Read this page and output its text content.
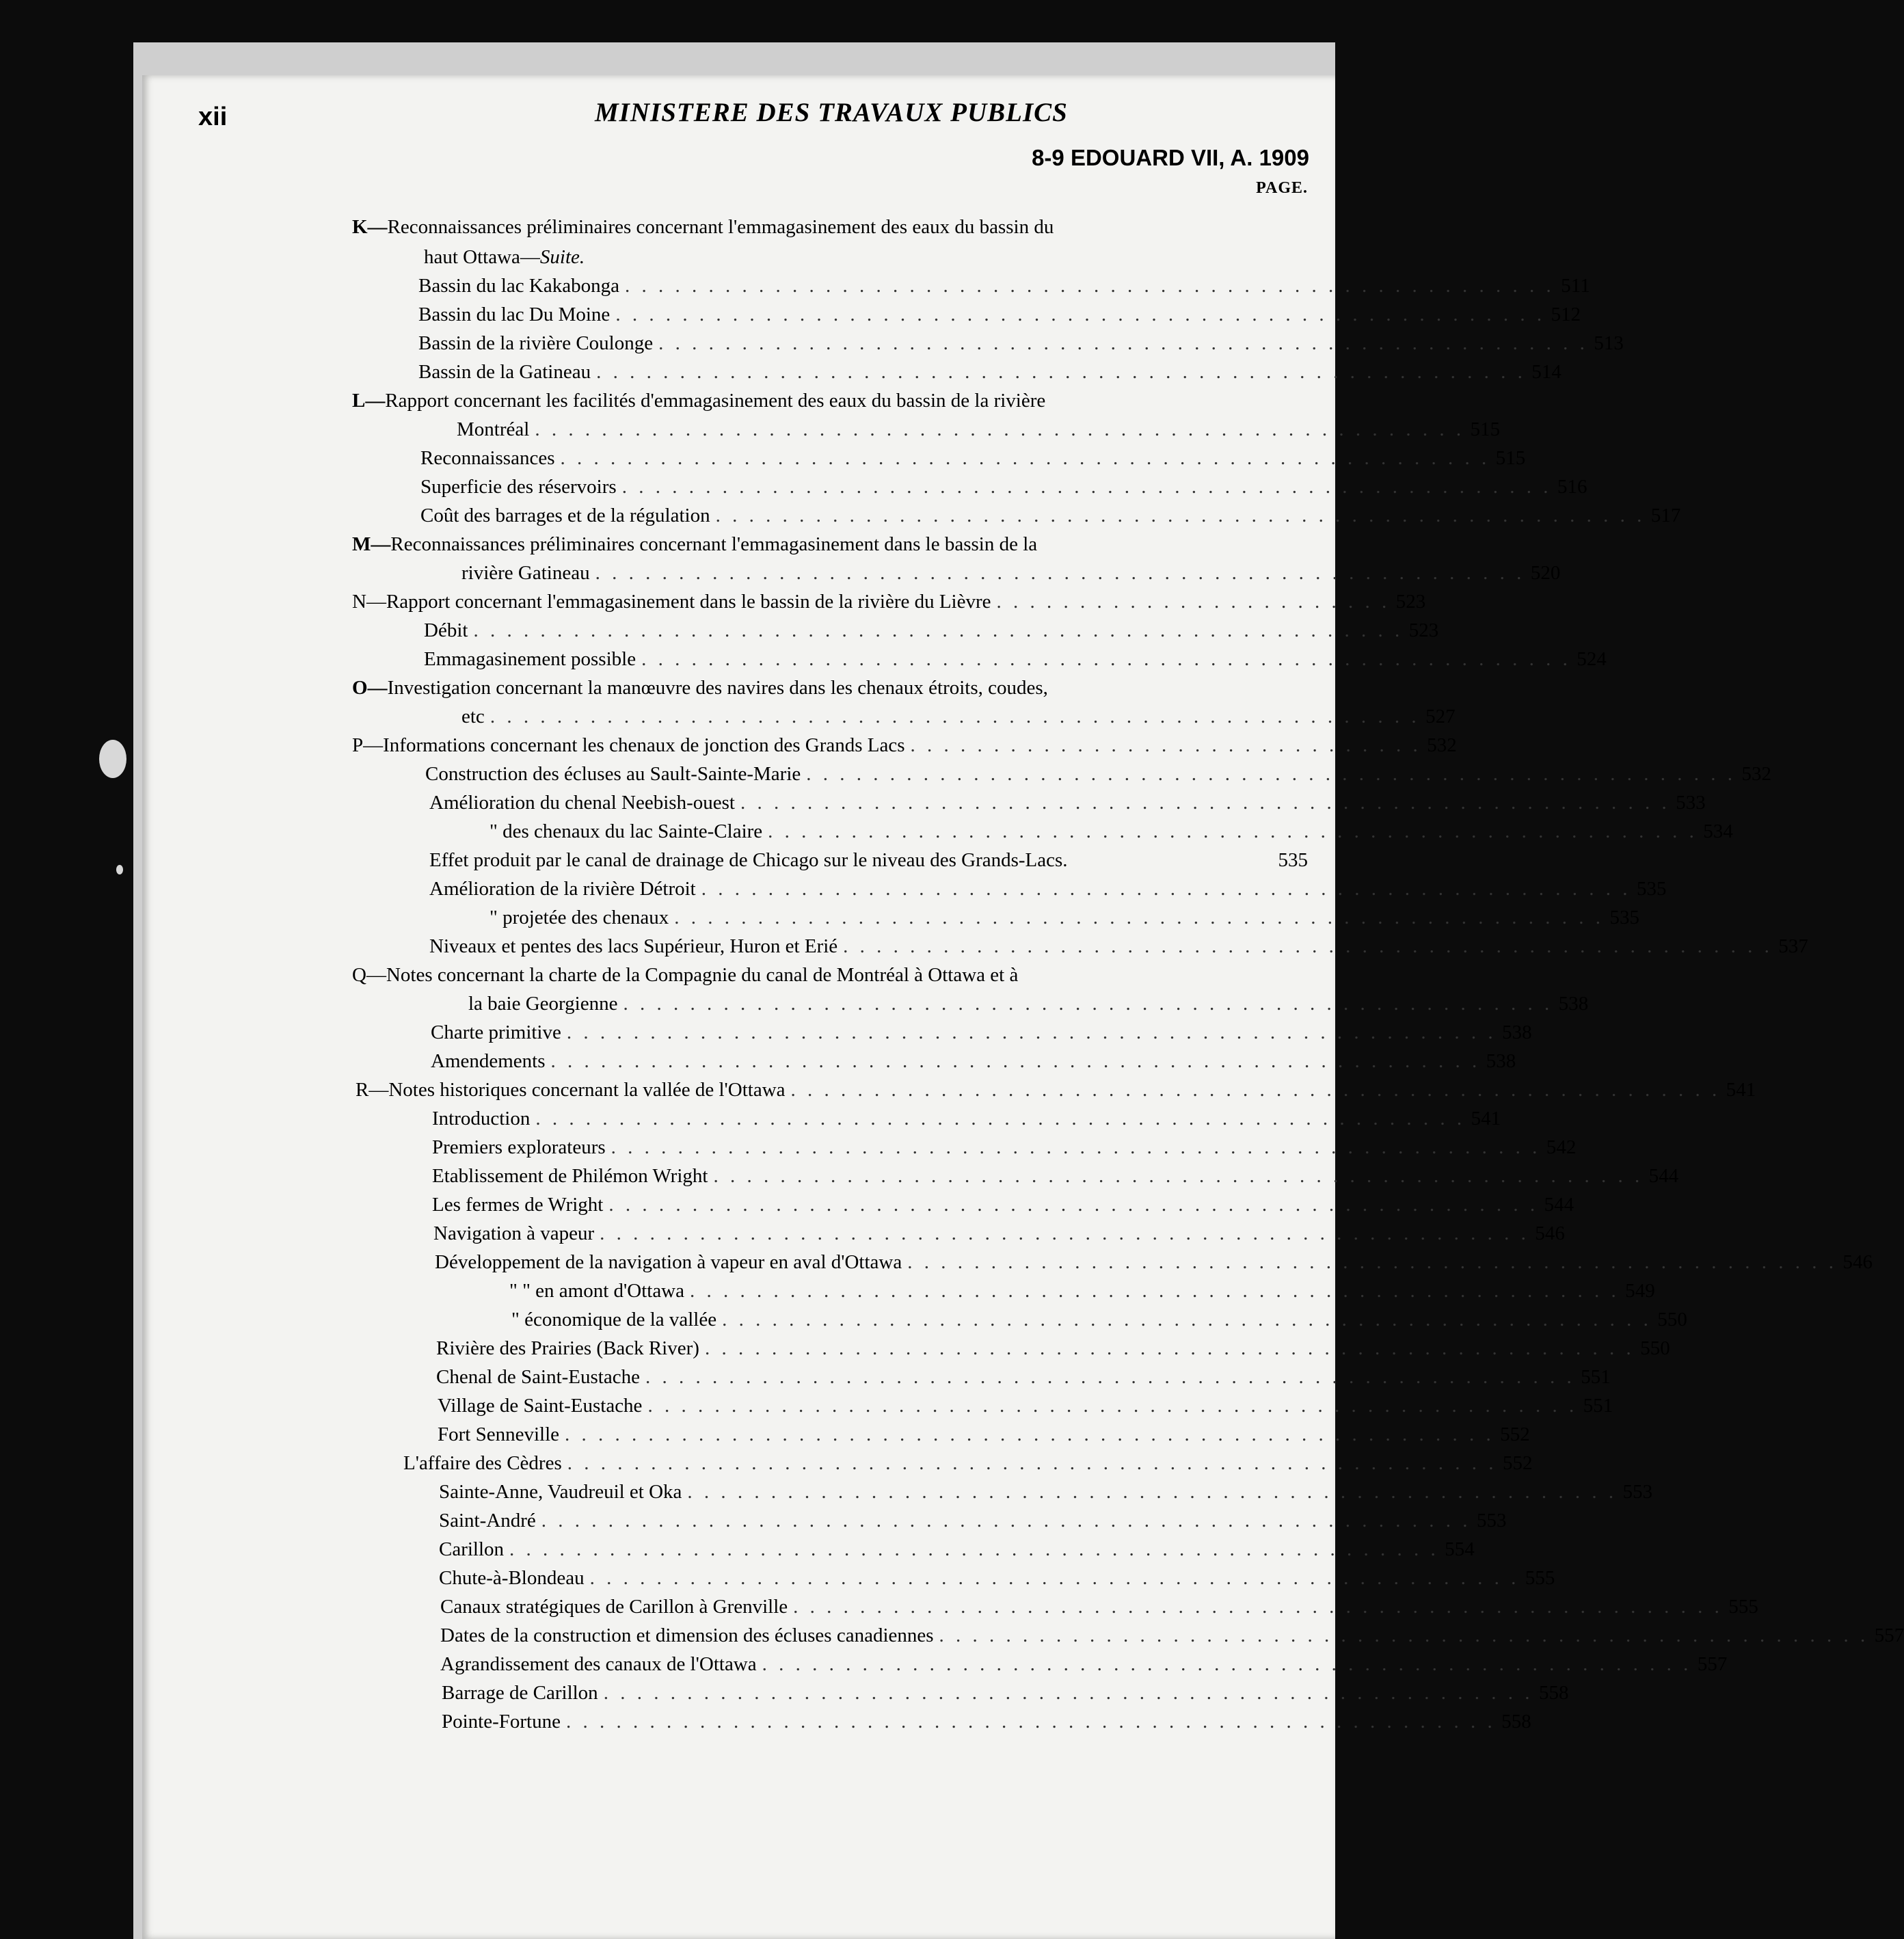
xii	MINISTERE DES TRAVAUX PUBLICS
8-9 EDOUARD VII, A. 1909
PAGE.
K—Reconnaissances préliminaires concernant l'emmagasinement des eaux du bassin du
haut Ottawa—Suite.
Bassin du lac Kakabonga . . . . . . . . . . . . . . . . . . . . . . . . . . . . . . . . . . . . . . . . . . . . . . . . . . . . . . . . 511
Bassin du lac Du Moine . . . . . . . . . . . . . . . . . . . . . . . . . . . . . . . . . . . . . . . . . . . . . . . . . . . . . . . . 512
Bassin de la rivière Coulonge . . . . . . . . . . . . . . . . . . . . . . . . . . . . . . . . . . . . . . . . . . . . . . . . . . . . . . . . 513
Bassin de la Gatineau . . . . . . . . . . . . . . . . . . . . . . . . . . . . . . . . . . . . . . . . . . . . . . . . . . . . . . . . 514
L—Rapport concernant les facilités d'emmagasinement des eaux du bassin de la rivière
Montréal . . . . . . . . . . . . . . . . . . . . . . . . . . . . . . . . . . . . . . . . . . . . . . . . . . . . . . . . 515
Reconnaissances . . . . . . . . . . . . . . . . . . . . . . . . . . . . . . . . . . . . . . . . . . . . . . . . . . . . . . . . 515
Superficie des réservoirs . . . . . . . . . . . . . . . . . . . . . . . . . . . . . . . . . . . . . . . . . . . . . . . . . . . . . . . . 516
Coût des barrages et de la régulation . . . . . . . . . . . . . . . . . . . . . . . . . . . . . . . . . . . . . . . . . . . . . . . . . . . . . . . . 517
M—Reconnaissances préliminaires concernant l'emmagasinement dans le bassin de la
rivière Gatineau . . . . . . . . . . . . . . . . . . . . . . . . . . . . . . . . . . . . . . . . . . . . . . . . . . . . . . . . 520
N—Rapport concernant l'emmagasinement dans le bassin de la rivière du Lièvre . . . . . . . . . . . . . . . . . . . . . . . . 523
Débit . . . . . . . . . . . . . . . . . . . . . . . . . . . . . . . . . . . . . . . . . . . . . . . . . . . . . . . . 523
Emmagasinement possible . . . . . . . . . . . . . . . . . . . . . . . . . . . . . . . . . . . . . . . . . . . . . . . . . . . . . . . . 524
O—Investigation concernant la manœuvre des navires dans les chenaux étroits, coudes,
etc . . . . . . . . . . . . . . . . . . . . . . . . . . . . . . . . . . . . . . . . . . . . . . . . . . . . . . . . 527
P—Informations concernant les chenaux de jonction des Grands Lacs . . . . . . . . . . . . . . . . . . . . . . . . . . . . . . . 532
Construction des écluses au Sault-Sainte-Marie . . . . . . . . . . . . . . . . . . . . . . . . . . . . . . . . . . . . . . . . . . . . . . . . . . . . . . . . 532
Amélioration du chenal Neebish-ouest . . . . . . . . . . . . . . . . . . . . . . . . . . . . . . . . . . . . . . . . . . . . . . . . . . . . . . . . 533
" des chenaux du lac Sainte-Claire . . . . . . . . . . . . . . . . . . . . . . . . . . . . . . . . . . . . . . . . . . . . . . . . . . . . . . . . 534
Effet produit par le canal de drainage de Chicago sur le niveau des Grands-Lacs.	535
Amélioration de la rivière Détroit . . . . . . . . . . . . . . . . . . . . . . . . . . . . . . . . . . . . . . . . . . . . . . . . . . . . . . . . 535
" projetée des chenaux . . . . . . . . . . . . . . . . . . . . . . . . . . . . . . . . . . . . . . . . . . . . . . . . . . . . . . . . 535
Niveaux et pentes des lacs Supérieur, Huron et Erié . . . . . . . . . . . . . . . . . . . . . . . . . . . . . . . . . . . . . . . . . . . . . . . . . . . . . . . . 537
Q—Notes concernant la charte de la Compagnie du canal de Montréal à Ottawa et à
la baie Georgienne . . . . . . . . . . . . . . . . . . . . . . . . . . . . . . . . . . . . . . . . . . . . . . . . . . . . . . . . 538
Charte primitive . . . . . . . . . . . . . . . . . . . . . . . . . . . . . . . . . . . . . . . . . . . . . . . . . . . . . . . . 538
Amendements . . . . . . . . . . . . . . . . . . . . . . . . . . . . . . . . . . . . . . . . . . . . . . . . . . . . . . . . 538
R—Notes historiques concernant la vallée de l'Ottawa . . . . . . . . . . . . . . . . . . . . . . . . . . . . . . . . . . . . . . . . . . . . . . . . . . . . . . . . 541
Introduction . . . . . . . . . . . . . . . . . . . . . . . . . . . . . . . . . . . . . . . . . . . . . . . . . . . . . . . . 541
Premiers explorateurs . . . . . . . . . . . . . . . . . . . . . . . . . . . . . . . . . . . . . . . . . . . . . . . . . . . . . . . . 542
Etablissement de Philémon Wright . . . . . . . . . . . . . . . . . . . . . . . . . . . . . . . . . . . . . . . . . . . . . . . . . . . . . . . . 544
Les fermes de Wright . . . . . . . . . . . . . . . . . . . . . . . . . . . . . . . . . . . . . . . . . . . . . . . . . . . . . . . . 544
Navigation à vapeur . . . . . . . . . . . . . . . . . . . . . . . . . . . . . . . . . . . . . . . . . . . . . . . . . . . . . . . . 546
Développement de la navigation à vapeur en aval d'Ottawa . . . . . . . . . . . . . . . . . . . . . . . . . . . . . . . . . . . . . . . . . . . . . . . . . . . . . . . . 546
" " en amont d'Ottawa . . . . . . . . . . . . . . . . . . . . . . . . . . . . . . . . . . . . . . . . . . . . . . . . . . . . . . . . 549
" économique de la vallée . . . . . . . . . . . . . . . . . . . . . . . . . . . . . . . . . . . . . . . . . . . . . . . . . . . . . . . . 550
Rivière des Prairies (Back River) . . . . . . . . . . . . . . . . . . . . . . . . . . . . . . . . . . . . . . . . . . . . . . . . . . . . . . . . 550
Chenal de Saint-Eustache . . . . . . . . . . . . . . . . . . . . . . . . . . . . . . . . . . . . . . . . . . . . . . . . . . . . . . . . 551
Village de Saint-Eustache . . . . . . . . . . . . . . . . . . . . . . . . . . . . . . . . . . . . . . . . . . . . . . . . . . . . . . . . 551
Fort Senneville . . . . . . . . . . . . . . . . . . . . . . . . . . . . . . . . . . . . . . . . . . . . . . . . . . . . . . . . 552
L'affaire des Cèdres . . . . . . . . . . . . . . . . . . . . . . . . . . . . . . . . . . . . . . . . . . . . . . . . . . . . . . . . 552
Sainte-Anne, Vaudreuil et Oka . . . . . . . . . . . . . . . . . . . . . . . . . . . . . . . . . . . . . . . . . . . . . . . . . . . . . . . . 553
Saint-André . . . . . . . . . . . . . . . . . . . . . . . . . . . . . . . . . . . . . . . . . . . . . . . . . . . . . . . . 553
Carillon . . . . . . . . . . . . . . . . . . . . . . . . . . . . . . . . . . . . . . . . . . . . . . . . . . . . . . . . 554
Chute-à-Blondeau . . . . . . . . . . . . . . . . . . . . . . . . . . . . . . . . . . . . . . . . . . . . . . . . . . . . . . . . 555
Canaux stratégiques de Carillon à Grenville . . . . . . . . . . . . . . . . . . . . . . . . . . . . . . . . . . . . . . . . . . . . . . . . . . . . . . . . 555
Dates de la construction et dimension des écluses canadiennes . . . . . . . . . . . . . . . . . . . . . . . . . . . . . . . . . . . . . . . . . . . . . . . . . . . . . . . . 557
Agrandissement des canaux de l'Ottawa . . . . . . . . . . . . . . . . . . . . . . . . . . . . . . . . . . . . . . . . . . . . . . . . . . . . . . . . 557
Barrage de Carillon . . . . . . . . . . . . . . . . . . . . . . . . . . . . . . . . . . . . . . . . . . . . . . . . . . . . . . . . 558
Pointe-Fortune . . . . . . . . . . . . . . . . . . . . . . . . . . . . . . . . . . . . . . . . . . . . . . . . . . . . . . . . 558
